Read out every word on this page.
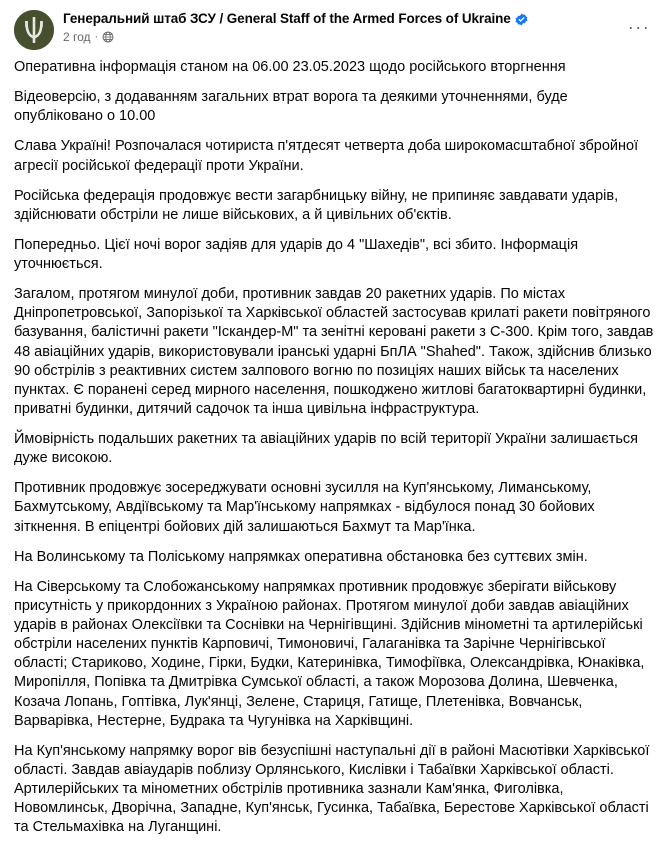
Генеральний штаб ЗСУ / General Staff of the Armed Forces of Ukraine
2 год ·	···

Оперативна інформація станом на 06.00 23.05.2023 щодо російського вторгнення

Відеоверсію, з додаванням загальних втрат ворога та деякими уточненнями, буде опубліковано о 10.00

Слава Україні! Розпочалася чотириста п'ятдесят четверта доба широкомасштабної збройної агресії російської федерації проти України.

Російська федерація продовжує вести загарбницьку війну, не припиняє завдавати ударів, здійснювати обстріли не лише військових, а й цивільних об'єктів.

Попередньо. Цієї ночі ворог задіяв для ударів до 4 "Шахедів", всі збито. Інформація уточнюється.

Загалом, протягом минулої доби, противник завдав 20 ракетних ударів. По містах Дніпропетровської, Запорізької та Харківської областей застосував крилаті ракети повітряного базування, балістичні ракети "Іскандер-М" та зенітні керовані ракети з С-300. Крім того, завдав 48 авіаційних ударів, використовували іранські ударні БпЛА "Shahed". Також, здійснив близько 90 обстрілів з реактивних систем залпового вогню по позиціях наших військ та населених пунктах. Є поранені серед мирного населення, пошкоджено житлові багатоквартирні будинки, приватні будинки, дитячий садочок та інша цивільна інфраструктура.

Ймовірність подальших ракетних та авіаційних ударів по всій території України залишається дуже високою.

Противник продовжує зосереджувати основні зусилля на Куп'янському, Лиманському, Бахмутському, Авдіївському та Мар'їнському напрямках - відбулося понад 30 бойових зіткнення. В епіцентрі бойових дій залишаються Бахмут та Мар'їнка.

На Волинському та Поліському напрямках оперативна обстановка без суттєвих змін.

На Сіверському та Слобожанському напрямках противник продовжує зберігати військову присутність у прикордонних з Україною районах. Протягом минулої доби завдав авіаційних ударів в районах Олексіївки та Соснівки на Чернігівщині. Здійснив мінометні та артилерійські обстріли населених пунктів Карповичі, Тимоновичі, Галаганівка та Зарічне Чернігівської області; Стариково, Ходине, Гірки, Будки, Катеринівка, Тимофіївка, Олександрівка, Юнаківка, Миропілля, Попівка та Дмитрівка Сумської області, а також Морозова Долина, Шевченка, Козача Лопань, Гоптівка, Лук'янці, Зелене, Стариця, Гатище, Плетенівка, Вовчанськ, Варварівка, Нестерне, Будрака та Чугунівка на Харківщині.

На Куп'янському напрямку ворог вів безуспішні наступальні дії в районі Масютівки Харківської області. Завдав авіаударів поблизу Орлянського, Кислівки і Табаївки Харківської області. Артилерійських та мінометних обстрілів противника зазнали Кам'янка, Фиголівка, Новомлинськ, Дворічна, Западне, Куп'янськ, Гусинка, Табаївка, Берестове Харківської області та Стельмахівка на Луганщині.
